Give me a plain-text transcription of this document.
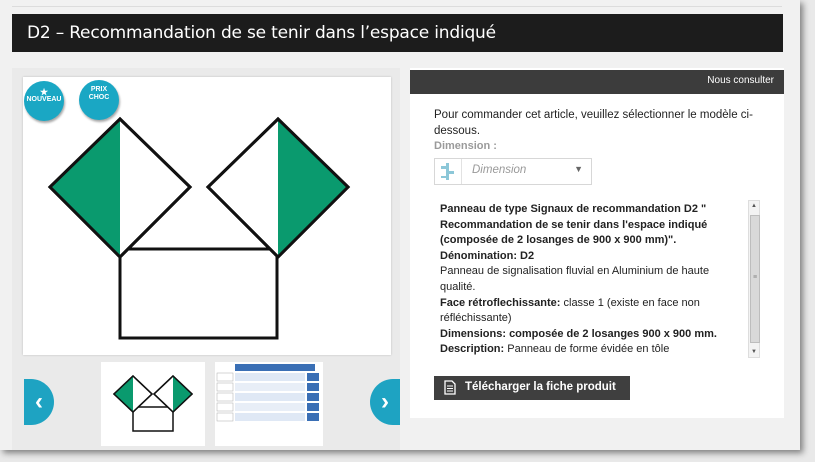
D2 – Recommandation de se tenir dans l’espace indiqué
★
NOUVEAU
PRIX
CHOC
‹	›
Nous consulter

Pour commander cet article, veuillez sélectionner le modèle ci-dessous.

Dimension :
Dimension	▼

Panneau de type Signaux de recommandation D2 " Recommandation de se tenir dans l'espace indiqué (composée de 2 losanges de 900 x 900 mm)".

Dénomination: D2

Panneau de signalisation fluvial en Aluminium de haute qualité.

Face rétroflechissante: classe 1 (existe en face non réfléchissante)

Dimensions: composée de 2 losanges 900 x 900 mm.

Description: Panneau de forme évidée en tôle

▲
≡
▼
Télécharger la fiche produit
